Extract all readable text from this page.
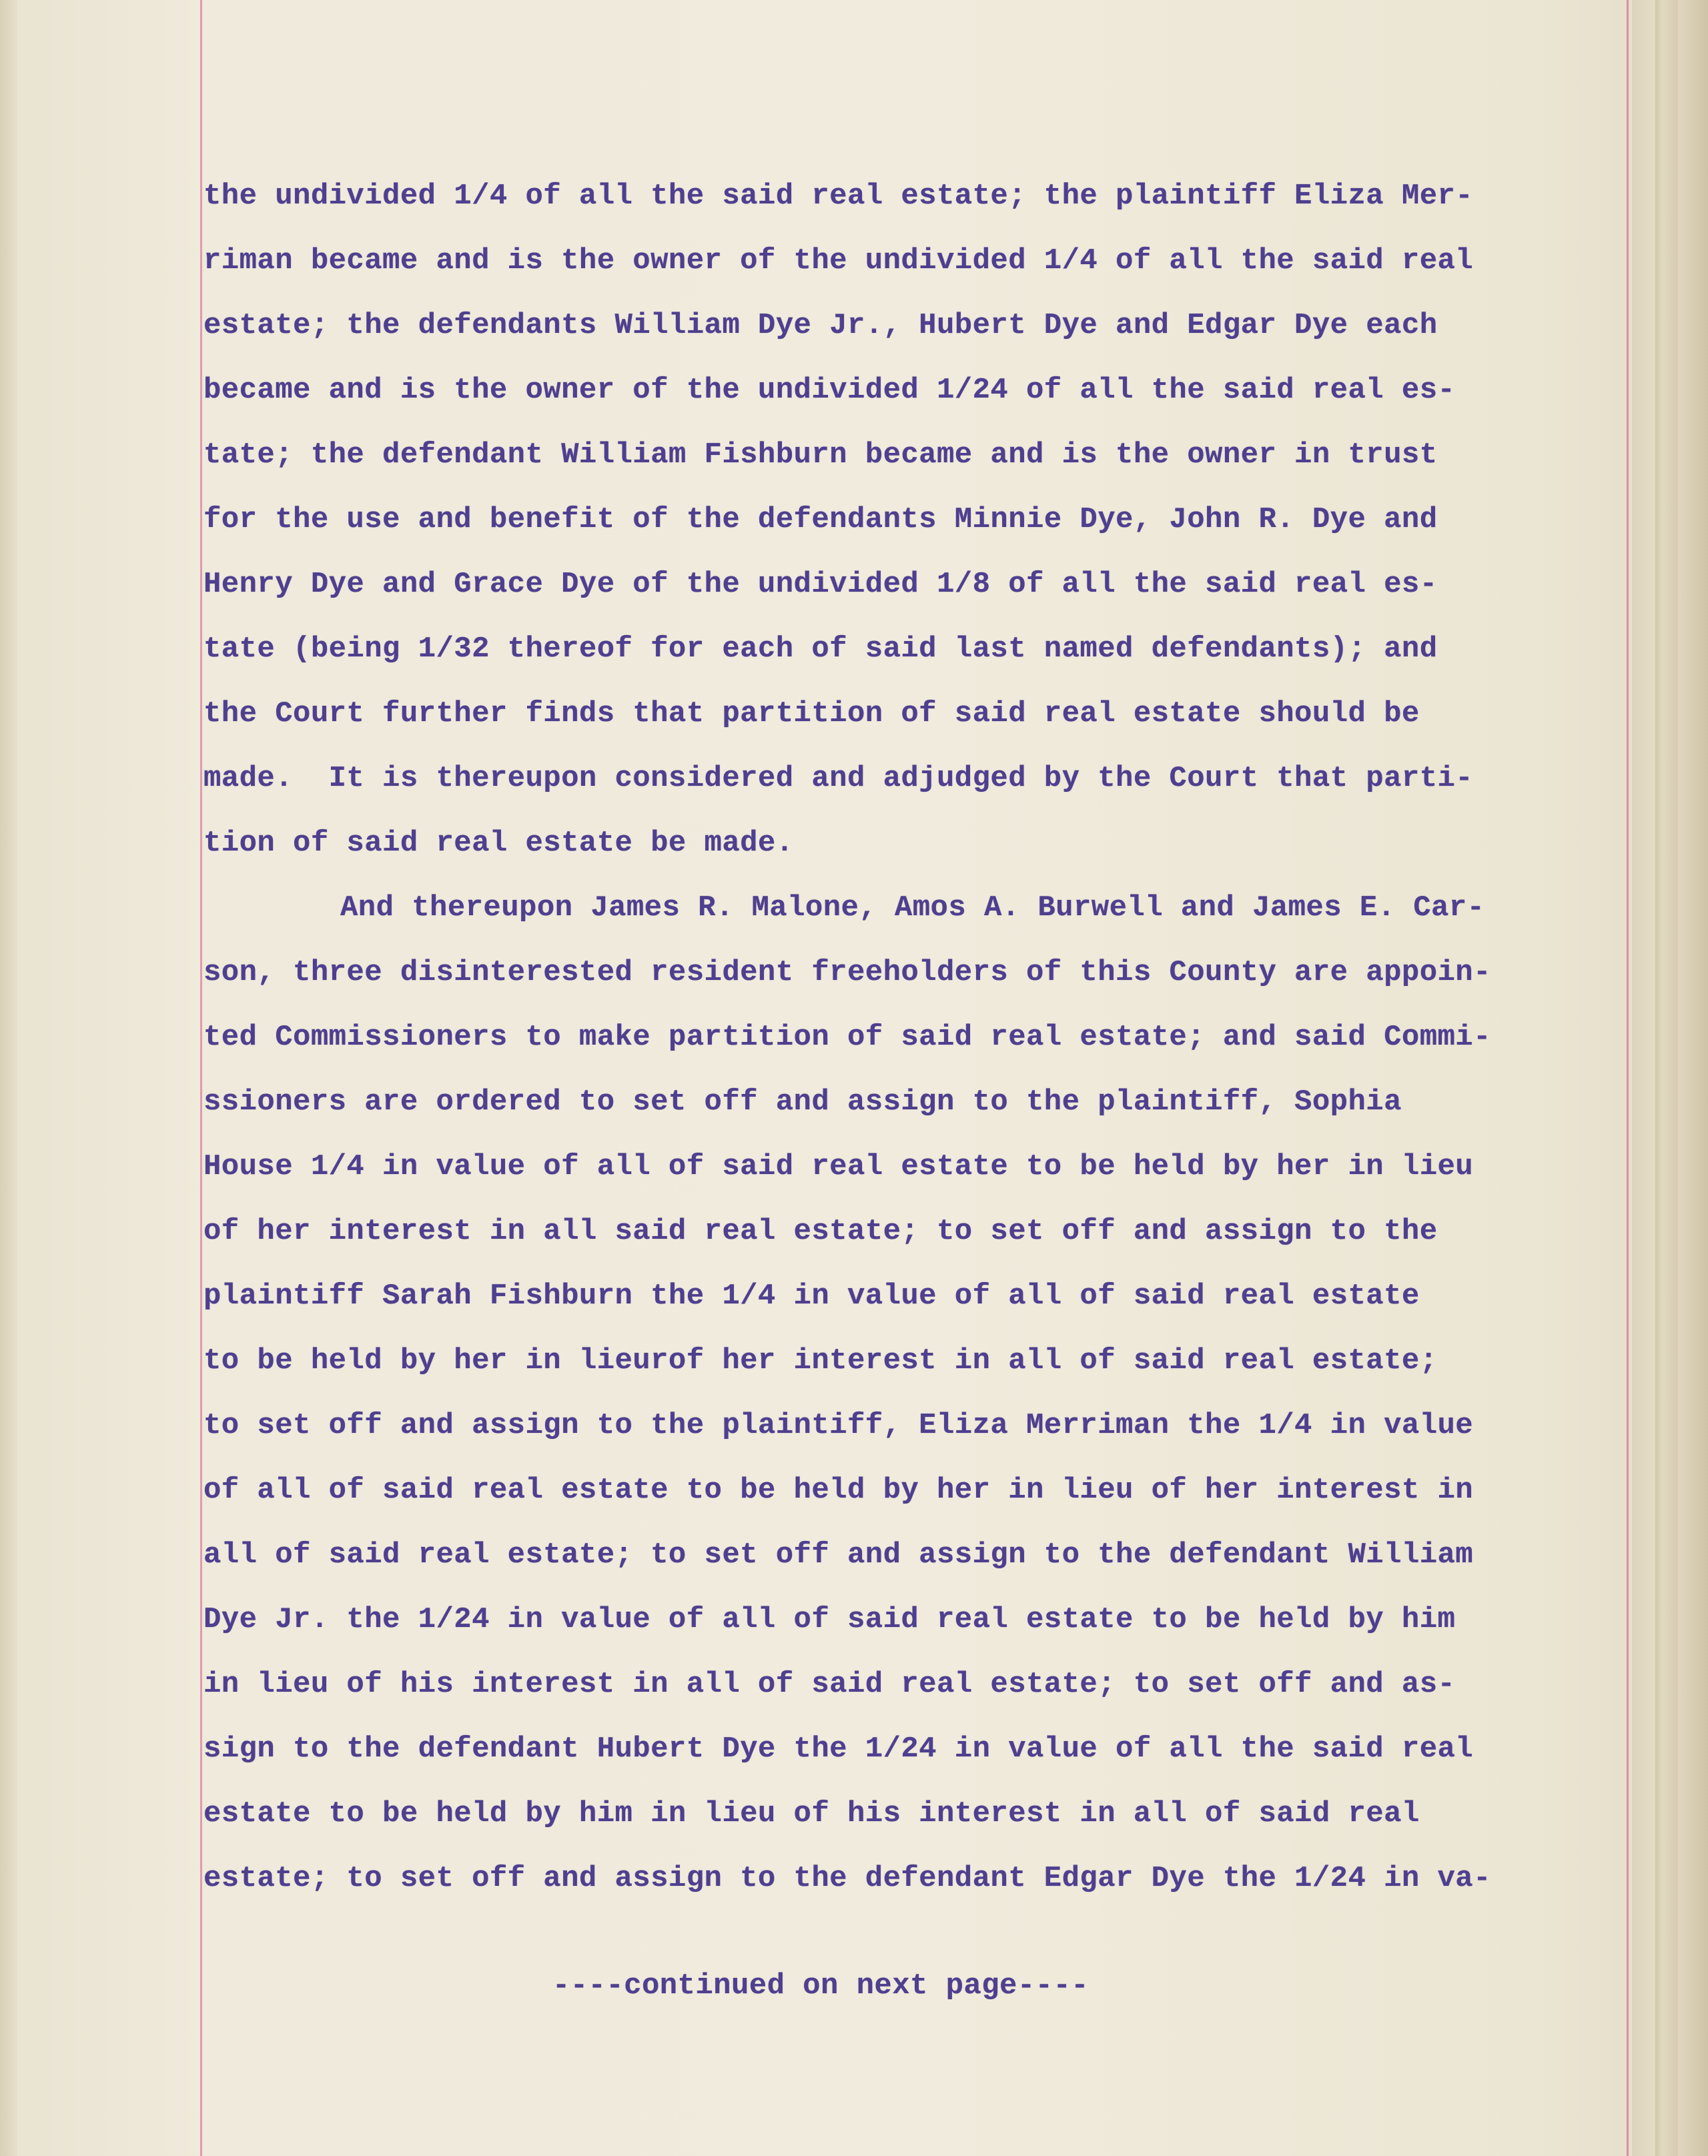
the undivided 1/4 of all the said real estate; the plaintiff Eliza Mer-
riman became and is the owner of the undivided 1/4 of all the said real
estate; the defendants William Dye Jr., Hubert Dye and Edgar Dye each
became and is the owner of the undivided 1/24 of all the said real es-
tate; the defendant William Fishburn became and is the owner in trust
for the use and benefit of the defendants Minnie Dye, John R. Dye and
Henry Dye and Grace Dye of the undivided 1/8 of all the said real es-
tate (being 1/32 thereof for each of said last named defendants); and
the Court further finds that partition of said real estate should be
made.  It is thereupon considered and adjudged by the Court that parti-
tion of said real estate be made.
And thereupon James R. Malone, Amos A. Burwell and James E. Car-
son, three disinterested resident freeholders of this County are appoin-
ted Commissioners to make partition of said real estate; and said Commi-
ssioners are ordered to set off and assign to the plaintiff, Sophia
House 1/4 in value of all of said real estate to be held by her in lieu
of her interest in all said real estate; to set off and assign to the
plaintiff Sarah Fishburn the 1/4 in value of all of said real estate
to be held by her in lieurof her interest in all of said real estate;
to set off and assign to the plaintiff, Eliza Merriman the 1/4 in value
of all of said real estate to be held by her in lieu of her interest in
all of said real estate; to set off and assign to the defendant William
Dye Jr. the 1/24 in value of all of said real estate to be held by him
in lieu of his interest in all of said real estate; to set off and as-
sign to the defendant Hubert Dye the 1/24 in value of all the said real
estate to be held by him in lieu of his interest in all of said real
estate; to set off and assign to the defendant Edgar Dye the 1/24 in va-
----continued on next page----
